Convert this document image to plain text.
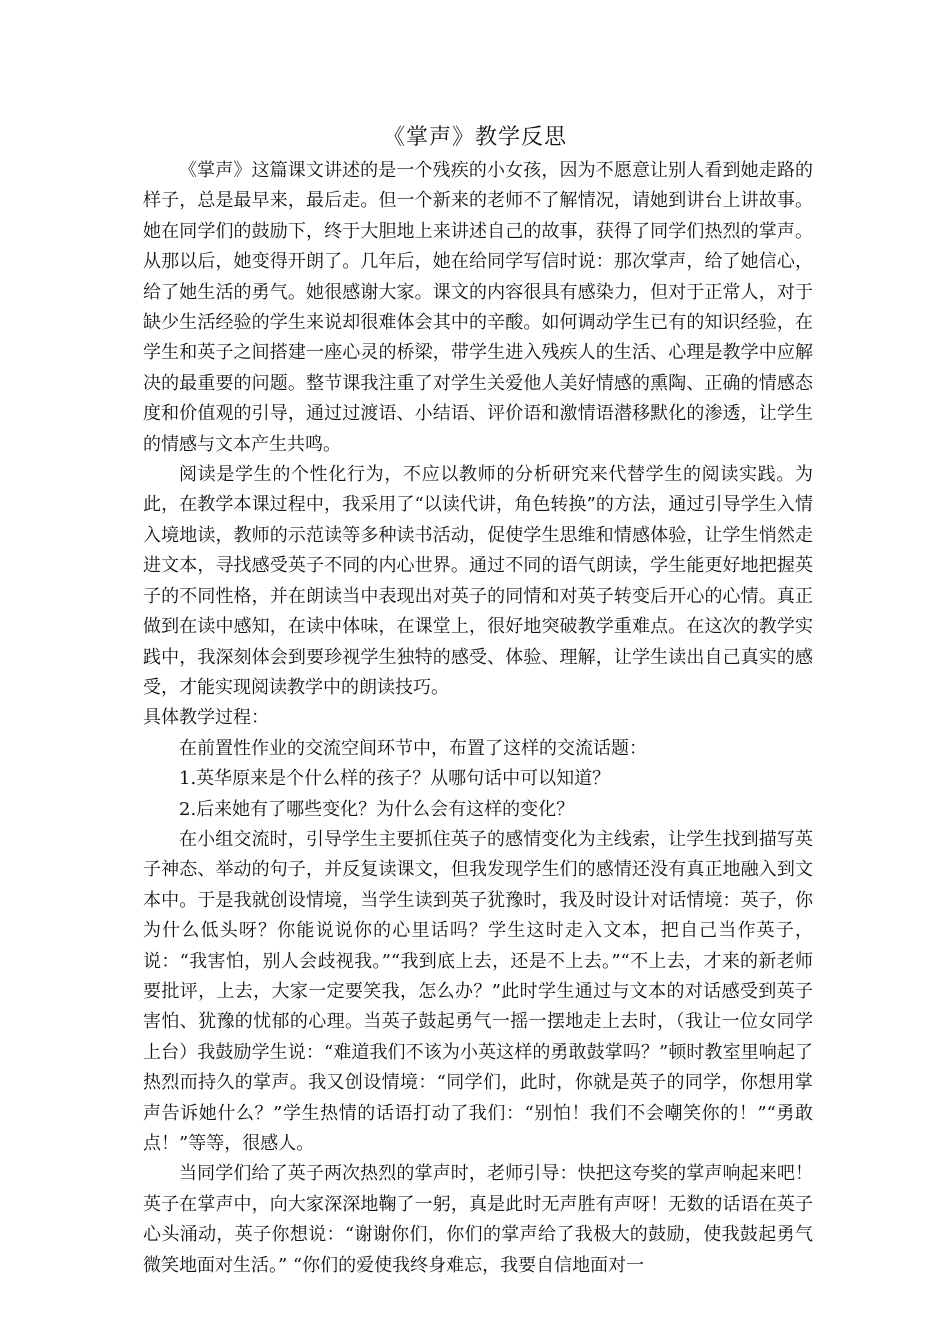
《掌声》教学反思

《掌声》这篇课文讲述的是一个残疾的小女孩，因为不愿意让别人看到她走路的样子，总是最早来，最后走。但一个新来的老师不了解情况，请她到讲台上讲故事。她在同学们的鼓励下，终于大胆地上来讲述自己的故事，获得了同学们热烈的掌声。从那以后，她变得开朗了。几年后，她在给同学写信时说：那次掌声，给了她信心，给了她生活的勇气。她很感谢大家。课文的内容很具有感染力，但对于正常人，对于缺少生活经验的学生来说却很难体会其中的辛酸。如何调动学生已有的知识经验，在学生和英子之间搭建一座心灵的桥梁，带学生进入残疾人的生活、心理是教学中应解决的最重要的问题。整节课我注重了对学生关爱他人美好情感的熏陶、正确的情感态度和价值观的引导，通过过渡语、小结语、评价语和激情语潜移默化的渗透，让学生的情感与文本产生共鸣。

阅读是学生的个性化行为，不应以教师的分析研究来代替学生的阅读实践。为此，在教学本课过程中，我采用了“以读代讲，角色转换”的方法，通过引导学生入情入境地读，教师的示范读等多种读书活动，促使学生思维和情感体验，让学生悄然走进文本，寻找感受英子不同的内心世界。通过不同的语气朗读，学生能更好地把握英子的不同性格，并在朗读当中表现出对英子的同情和对英子转变后开心的心情。真正做到在读中感知，在读中体味，在课堂上，很好地突破教学重难点。在这次的教学实践中，我深刻体会到要珍视学生独特的感受、体验、理解，让学生读出自己真实的感受，才能实现阅读教学中的朗读技巧。

具体教学过程：

在前置性作业的交流空间环节中，布置了这样的交流话题：

1.英华原来是个什么样的孩子？从哪句话中可以知道？

2.后来她有了哪些变化？为什么会有这样的变化？

在小组交流时，引导学生主要抓住英子的感情变化为主线索，让学生找到描写英子神态、举动的句子，并反复读课文，但我发现学生们的感情还没有真正地融入到文本中。于是我就创设情境，当学生读到英子犹豫时，我及时设计对话情境：英子，你为什么低头呀？你能说说你的心里话吗？学生这时走入文本，把自己当作英子，说：“我害怕，别人会歧视我。”“我到底上去，还是不上去。”“不上去，才来的新老师要批评，上去，大家一定要笑我，怎么办？”此时学生通过与文本的对话感受到英子害怕、犹豫的忧郁的心理。当英子鼓起勇气一摇一摆地走上去时，（我让一位女同学上台）我鼓励学生说：“难道我们不该为小英这样的勇敢鼓掌吗？”顿时教室里响起了热烈而持久的掌声。我又创设情境：“同学们，此时，你就是英子的同学，你想用掌声告诉她什么？”学生热情的话语打动了我们：“别怕！我们不会嘲笑你的！”“勇敢点！”等等，很感人。

当同学们给了英子两次热烈的掌声时，老师引导：快把这夸奖的掌声响起来吧！英子在掌声中，向大家深深地鞠了一躬，真是此时无声胜有声呀！无数的话语在英子心头涌动，英子你想说：“谢谢你们，你们的掌声给了我极大的鼓励，使我鼓起勇气微笑地面对生活。” “你们的爱使我终身难忘，我要自信地面对一
